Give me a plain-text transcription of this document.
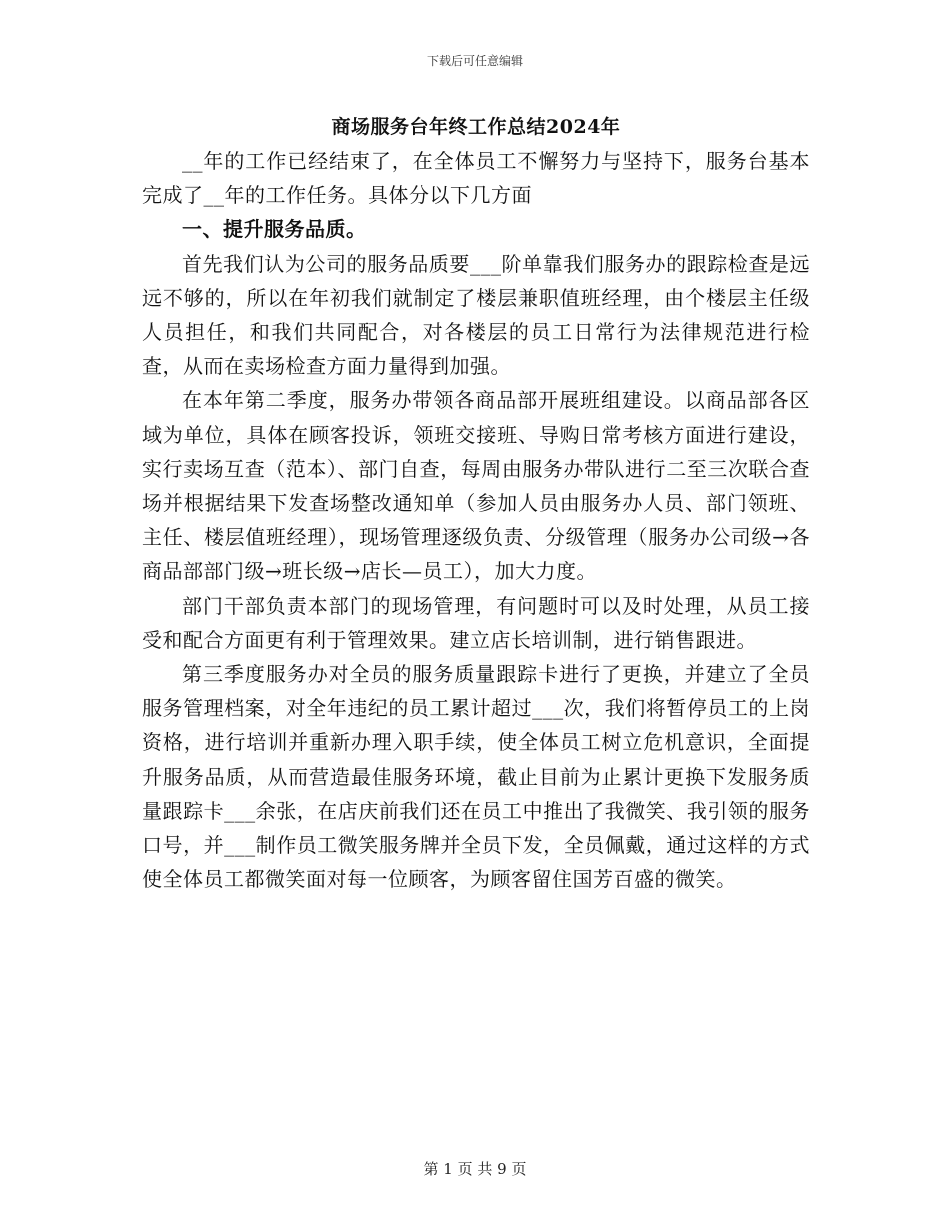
下载后可任意编辑
商场服务台年终工作总结2024年

__年的工作已经结束了，在全体员工不懈努力与坚持下，服务台基本完成了__年的工作任务。具体分以下几方面

一、提升服务品质。

首先我们认为公司的服务品质要___阶单靠我们服务办的跟踪检查是远远不够的，所以在年初我们就制定了楼层兼职值班经理，由个楼层主任级人员担任，和我们共同配合，对各楼层的员工日常行为法律规范进行检查，从而在卖场检查方面力量得到加强。

在本年第二季度，服务办带领各商品部开展班组建设。以商品部各区域为单位，具体在顾客投诉，领班交接班、导购日常考核方面进行建设，实行卖场互查（范本）、部门自查，每周由服务办带队进行二至三次联合查场并根据结果下发查场整改通知单（参加人员由服务办人员、部门领班、主任、楼层值班经理），现场管理逐级负责、分级管理（服务办公司级→各商品部部门级→班长级→店长—员工），加大力度。

部门干部负责本部门的现场管理，有问题时可以及时处理，从员工接受和配合方面更有利于管理效果。建立店长培训制，进行销售跟进。

第三季度服务办对全员的服务质量跟踪卡进行了更换，并建立了全员服务管理档案，对全年违纪的员工累计超过___次，我们将暂停员工的上岗资格，进行培训并重新办理入职手续，使全体员工树立危机意识，全面提升服务品质，从而营造最佳服务环境，截止目前为止累计更换下发服务质量跟踪卡___余张，在店庆前我们还在员工中推出了我微笑、我引领的服务口号，并___制作员工微笑服务牌并全员下发，全员佩戴，通过这样的方式使全体员工都微笑面对每一位顾客，为顾客留住国芳百盛的微笑。

第 1 页 共 9 页
